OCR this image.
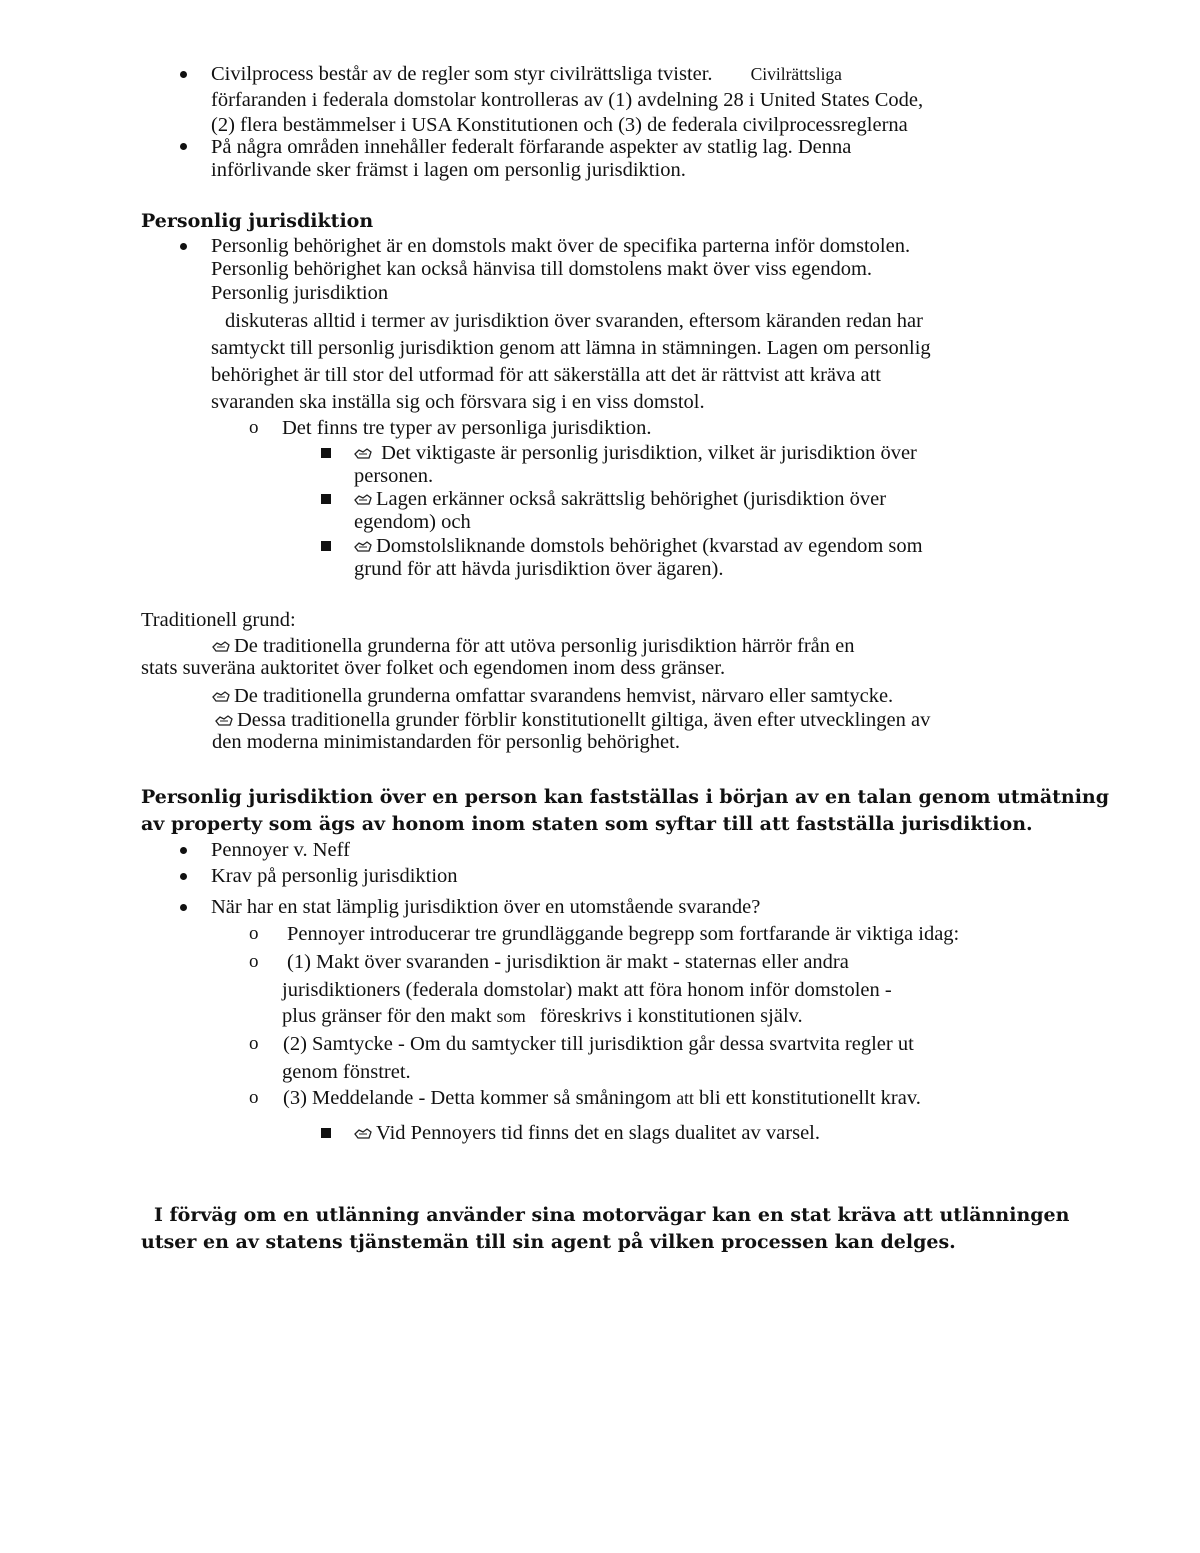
Civilprocess består av de regler som styr civilrättsliga tvister. Civilrättsliga
förfaranden i federala domstolar kontrolleras av (1) avdelning 28 i United States Code,
(2) flera bestämmelser i USA Konstitutionen och (3) de federala civilprocessreglerna
På några områden innehåller federalt förfarande aspekter av statlig lag. Denna
införlivande sker främst i lagen om personlig jurisdiktion.
Personlig jurisdiktion
Personlig behörighet är en domstols makt över de specifika parterna inför domstolen.
Personlig behörighet kan också hänvisa till domstolens makt över viss egendom.
Personlig jurisdiktion
diskuteras alltid i termer av jurisdiktion över svaranden, eftersom käranden redan har
samtyckt till personlig jurisdiktion genom att lämna in stämningen. Lagen om personlig
behörighet är till stor del utformad för att säkerställa att det är rättvist att kräva att
svaranden ska inställa sig och försvara sig i en viss domstol.
o Det finns tre typer av personliga jurisdiktion.
Det viktigaste är personlig jurisdiktion, vilket är jurisdiktion över
personen.
Lagen erkänner också sakrättslig behörighet (jurisdiktion över
egendom) och
Domstolsliknande domstols behörighet (kvarstad av egendom som
grund för att hävda jurisdiktion över ägaren).
Traditionell grund:
De traditionella grunderna för att utöva personlig jurisdiktion härrör från en
stats suveräna auktoritet över folket och egendomen inom dess gränser.
De traditionella grunderna omfattar svarandens hemvist, närvaro eller samtycke.
Dessa traditionella grunder förblir konstitutionellt giltiga, även efter utvecklingen av
den moderna minimistandarden för personlig behörighet.
Personlig jurisdiktion över en person kan fastställas i början av en talan genom utmätning
av property som ägs av honom inom staten som syftar till att fastställa jurisdiktion.
Pennoyer v. Neff
Krav på personlig jurisdiktion
När har en stat lämplig jurisdiktion över en utomstående svarande?
o Pennoyer introducerar tre grundläggande begrepp som fortfarande är viktiga idag:
o (1) Makt över svaranden - jurisdiktion är makt - staternas eller andra
jurisdiktioners (federala domstolar) makt att föra honom inför domstolen -
plus gränser för den makt som föreskrivs i konstitutionen själv.
o (2) Samtycke - Om du samtycker till jurisdiktion går dessa svartvita regler ut
genom fönstret.
o (3) Meddelande - Detta kommer så småningom att bli ett konstitutionellt krav.
Vid Pennoyers tid finns det en slags dualitet av varsel.
I förväg om en utlänning använder sina motorvägar kan en stat kräva att utlänningen
utser en av statens tjänstemän till sin agent på vilken processen kan delges.
